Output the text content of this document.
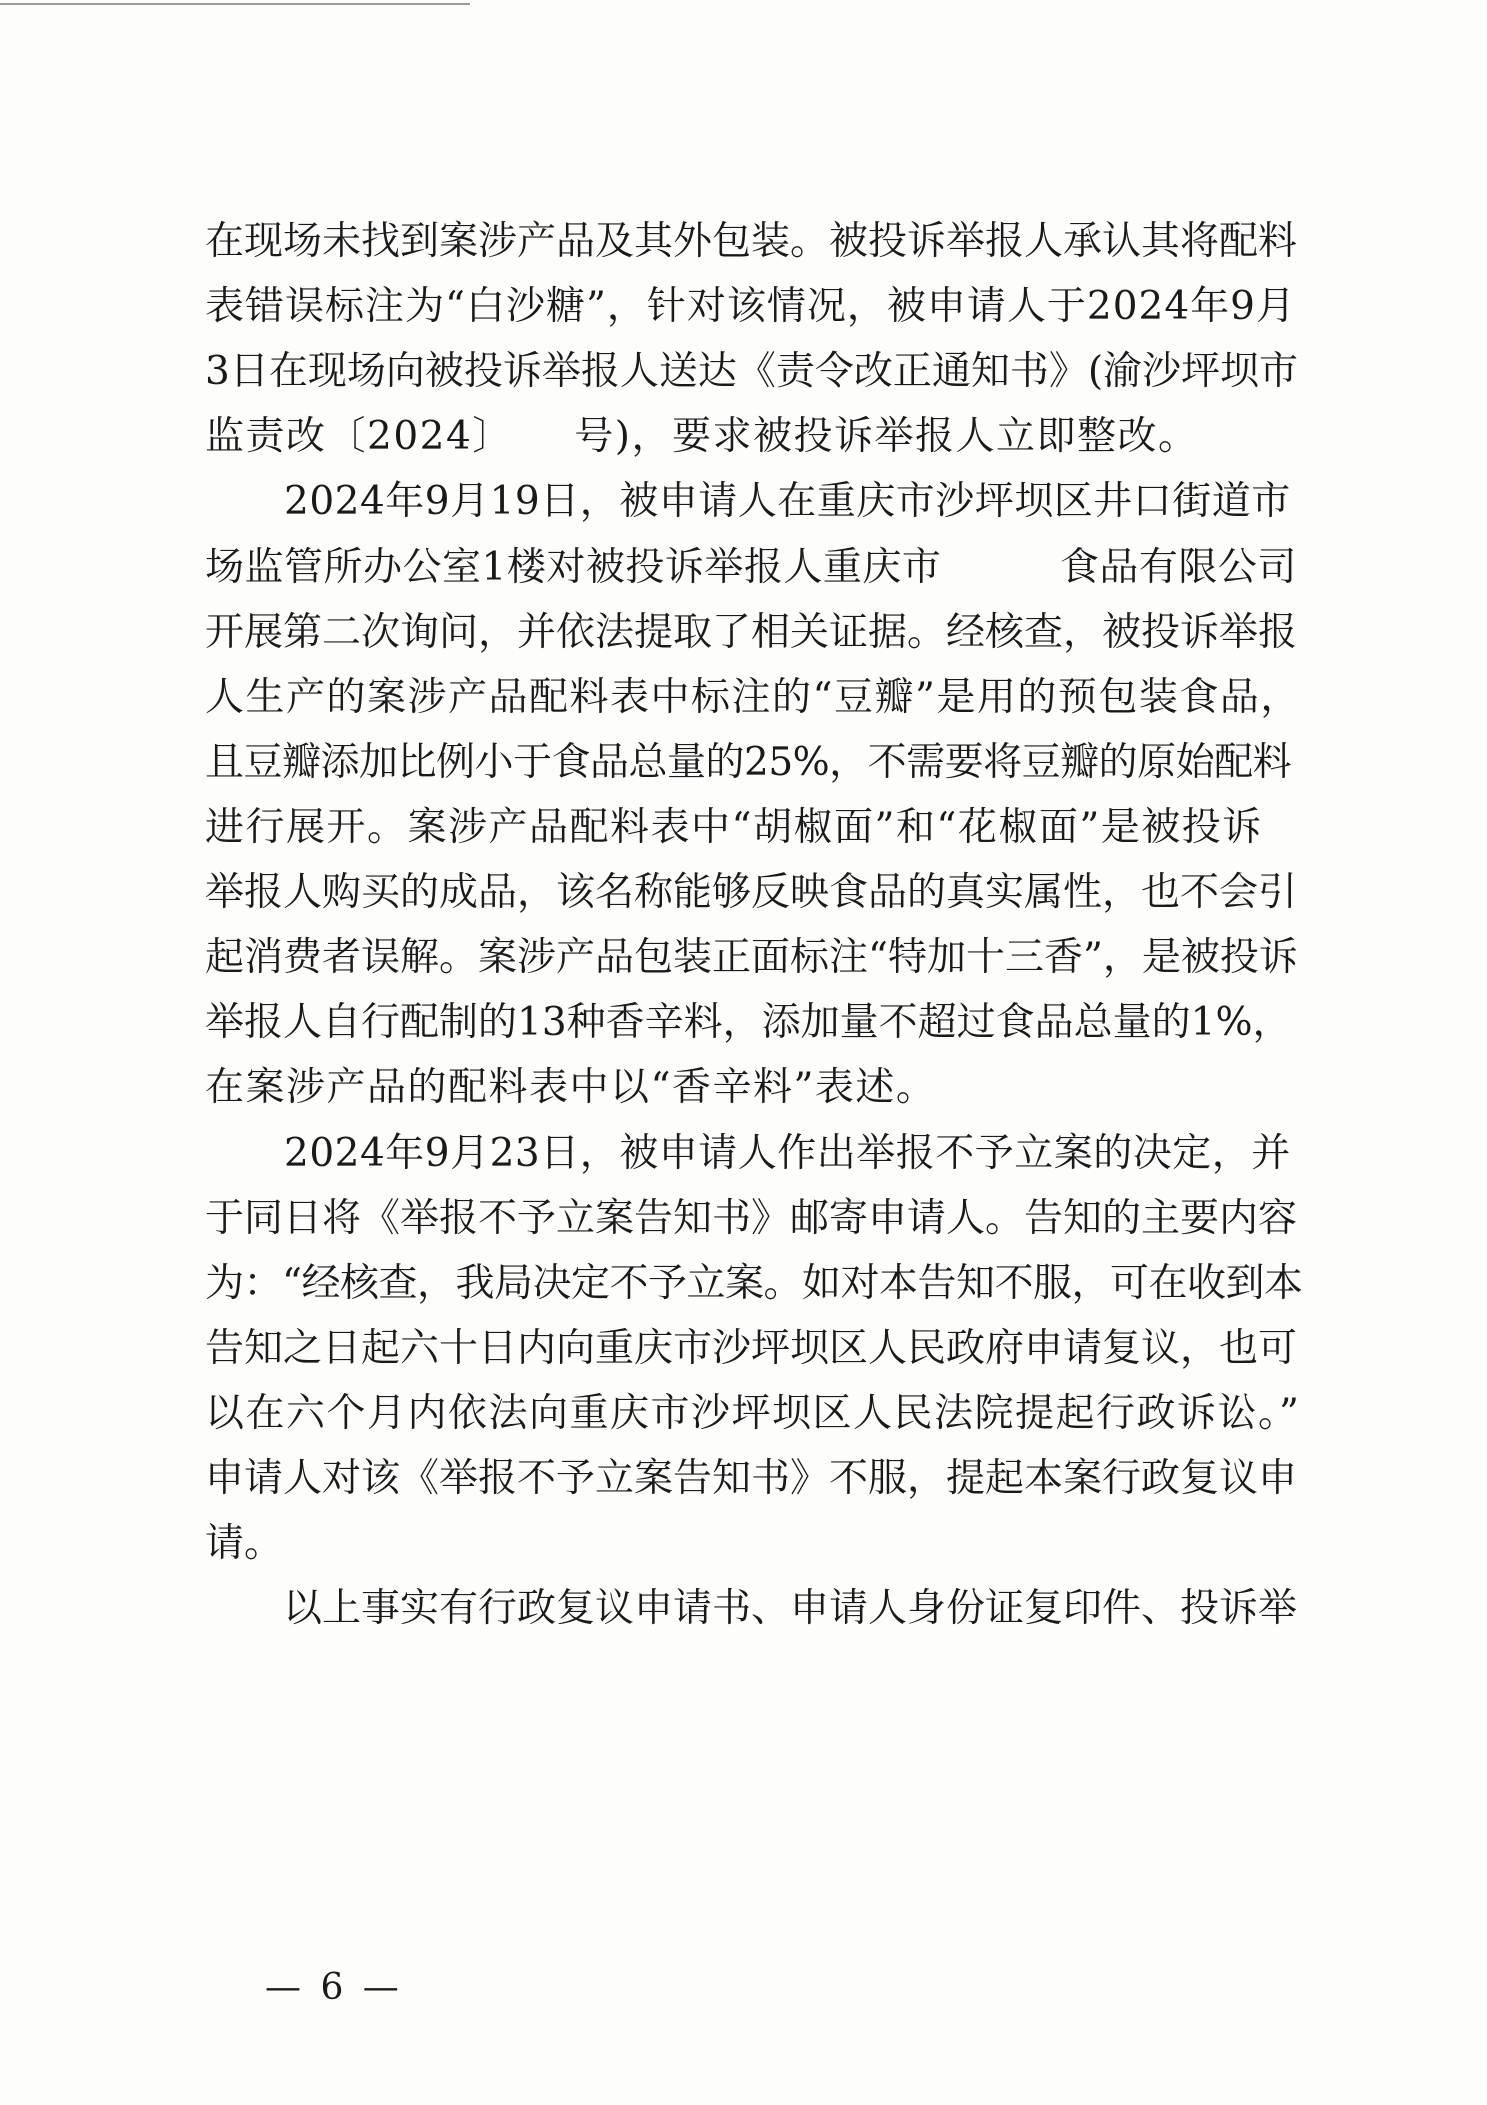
在现场未找到案涉产品及其外包装。被投诉举报人承认其将配料
表错误标注为“白沙糖”，针对该情况，被申请人于2024年9月
3日在现场向被投诉举报人送达《责令改正通知书》(渝沙坪坝市
监责改〔2024〕　　号)，要求被投诉举报人立即整改。
　　2024年9月19日，被申请人在重庆市沙坪坝区井口街道市
场监管所办公室1楼对被投诉举报人重庆市　　　食品有限公司
开展第二次询问，并依法提取了相关证据。经核查，被投诉举报
人生产的案涉产品配料表中标注的“豆瓣”是用的预包装食品，
且豆瓣添加比例小于食品总量的25%，不需要将豆瓣的原始配料
进行展开。案涉产品配料表中“胡椒面”和“花椒面”是被投诉
举报人购买的成品，该名称能够反映食品的真实属性，也不会引
起消费者误解。案涉产品包装正面标注“特加十三香”，是被投诉
举报人自行配制的13种香辛料，添加量不超过食品总量的1%，
在案涉产品的配料表中以“香辛料”表述。
　　2024年9月23日，被申请人作出举报不予立案的决定，并
于同日将《举报不予立案告知书》邮寄申请人。告知的主要内容
为：“经核查，我局决定不予立案。如对本告知不服，可在收到本
告知之日起六十日内向重庆市沙坪坝区人民政府申请复议，也可
以在六个月内依法向重庆市沙坪坝区人民法院提起行政诉讼。”
申请人对该《举报不予立案告知书》不服，提起本案行政复议申
请。
　　以上事实有行政复议申请书、申请人身份证复印件、投诉举
— 6 —
